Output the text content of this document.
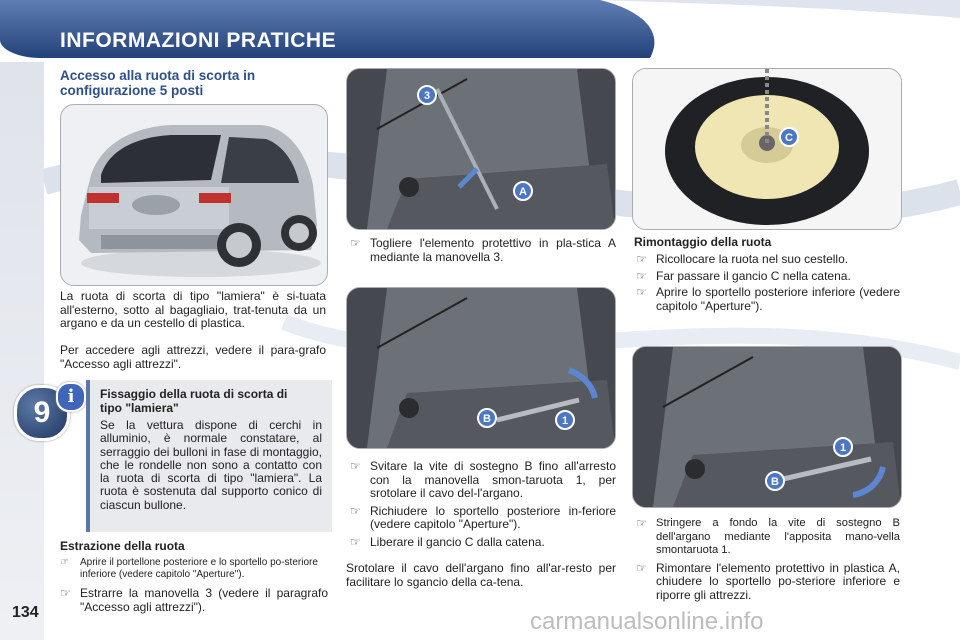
INFORMAZIONI PRATICHE
9 i
Accesso alla ruota di scorta in configurazione 5 posti
La ruota di scorta di tipo "lamiera" è si-tuata all'esterno, sotto al bagagliaio, trat-tenuta da un argano e da un cestello di plastica.
Per accedere agli attrezzi, vedere il para-grafo "Accesso agli attrezzi".
Fissaggio della ruota di scorta di tipo "lamiera"
Se la vettura dispone di cerchi in alluminio, è normale constatare, al serraggio dei bulloni in fase di montaggio, che le rondelle non sono a contatto con la ruota di scorta di tipo "lamiera". La ruota è sostenuta dal supporto conico di ciascun bullone.
Estrazione della ruota
☞	Aprire il portellone posteriore e lo sportello po-steriore inferiore (vedere capitolo "Aperture").
☞ Estrarre la manovella 3 (vedere il paragrafo "Accesso agli attrezzi").
3
A
☞ Togliere l'elemento protettivo in pla-stica A mediante la manovella 3.
B	1
☞ Svitare la vite di sostegno B fino all'arresto con la manovella smon-taruota 1, per srotolare il cavo del-l'argano.
☞ Richiudere lo sportello posteriore in-feriore (vedere capitolo "Aperture").
☞ Liberare il gancio C dalla catena.
Srotolare il cavo dell'argano fino all'ar-resto per facilitare lo sgancio della ca-tena.
C
Rimontaggio della ruota
☞ Ricollocare la ruota nel suo cestello.
☞ Far passare il gancio C nella catena.
☞ Aprire lo sportello posteriore inferiore (vedere capitolo "Aperture").
1
B
☞ Stringere a fondo la vite di sostegno B dell'argano mediante l'apposita mano-vella smontaruota 1.
☞ Rimontare l'elemento protettivo in plastica A, chiudere lo sportello po-steriore inferiore e riporre gli attrezzi.
134	carmanualsonline.info
